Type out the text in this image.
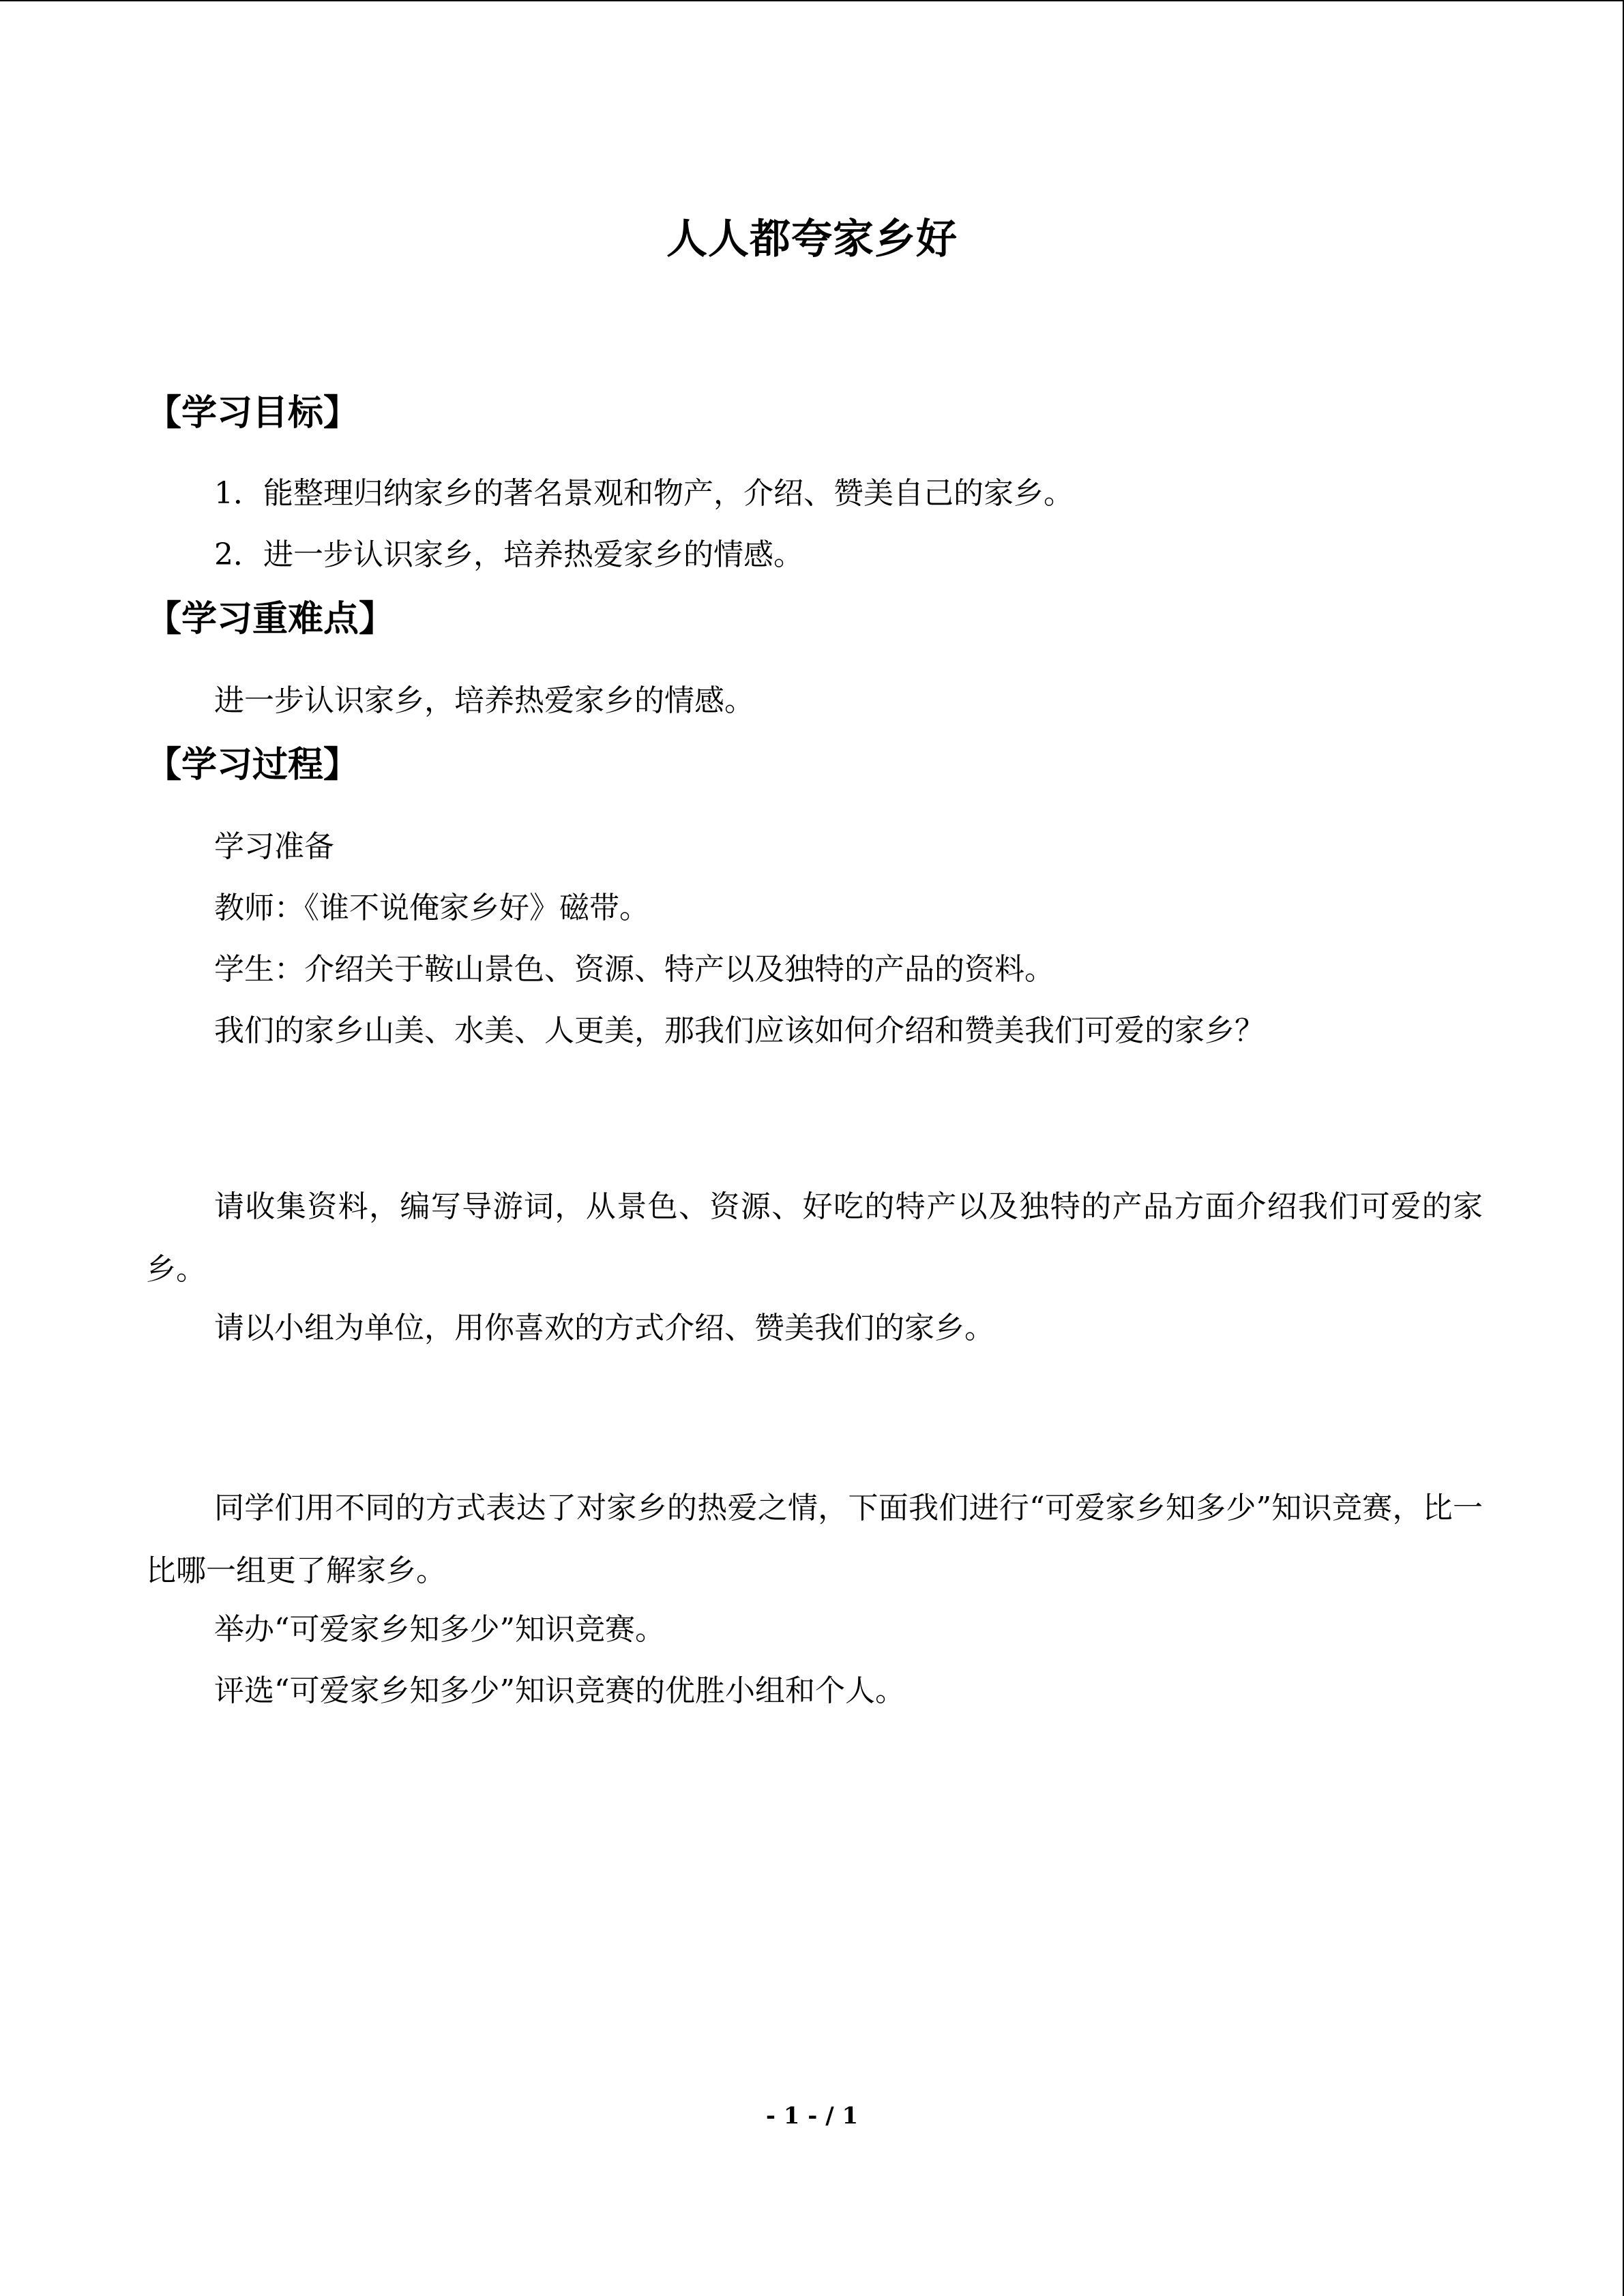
人人都夸家乡好
【学习目标】
1．能整理归纳家乡的著名景观和物产，介绍、赞美自己的家乡。
2．进一步认识家乡，培养热爱家乡的情感。
【学习重难点】
进一步认识家乡，培养热爱家乡的情感。
【学习过程】
学习准备
教师：《谁不说俺家乡好》磁带。
学生：介绍关于鞍山景色、资源、特产以及独特的产品的资料。
我们的家乡山美、水美、人更美，那我们应该如何介绍和赞美我们可爱的家乡？
请收集资料，编写导游词，从景色、资源、好吃的特产以及独特的产品方面介绍我们可爱的家乡。
请以小组为单位，用你喜欢的方式介绍、赞美我们的家乡。
同学们用不同的方式表达了对家乡的热爱之情，下面我们进行“可爱家乡知多少”知识竞赛，比一比哪一组更了解家乡。
举办“可爱家乡知多少”知识竞赛。
评选“可爱家乡知多少”知识竞赛的优胜小组和个人。
- 1 - / 1
